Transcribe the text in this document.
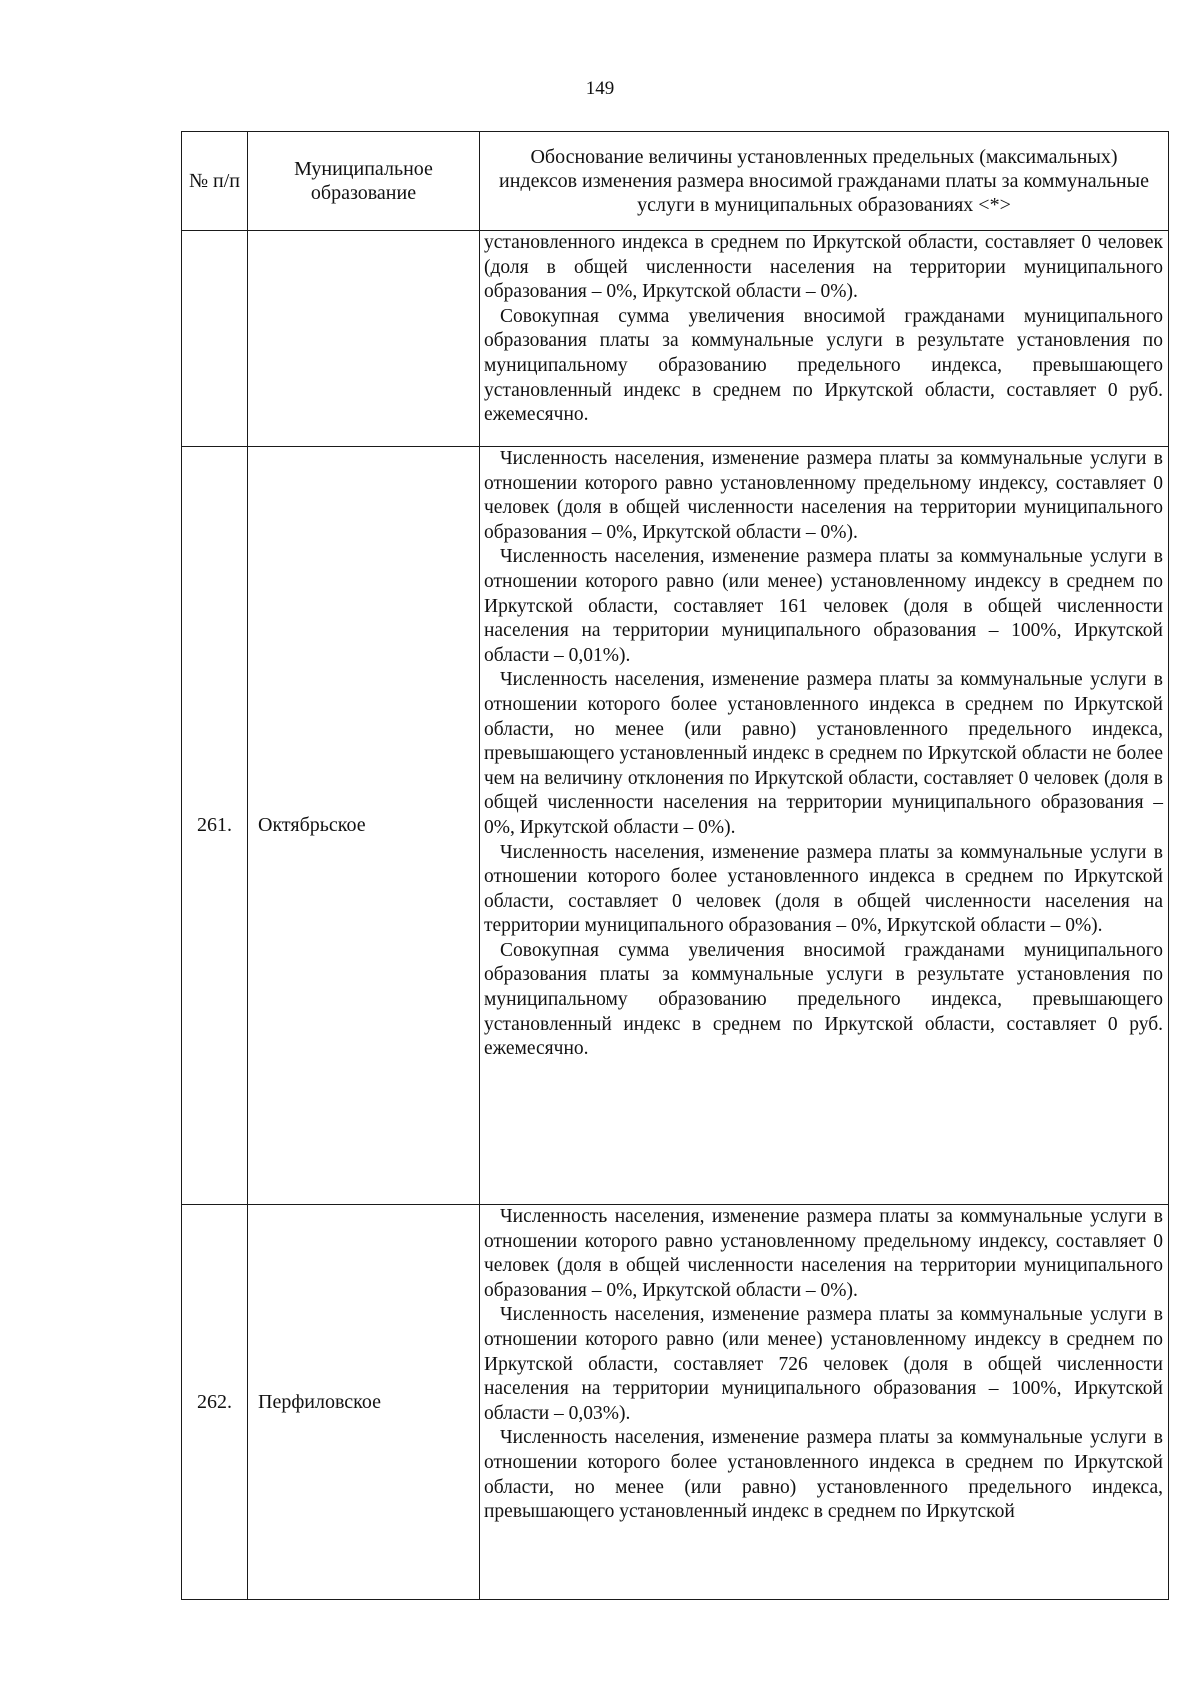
149
№ п/п	Муниципальное образование	Обоснование величины установленных предельных (максимальных) индексов изменения размера вносимой гражданами платы за коммунальные услуги в муниципальных образованиях <*>

		установленного индекса в среднем по Иркутской области, составляет 0 человек (доля в общей численности населения на территории муниципального образования – 0%, Иркутской области – 0%).

Совокупная сумма увеличения вносимой гражданами муниципального образования платы за коммунальные услуги в результате установления по муниципальному образованию предельного индекса, превышающего установленный индекс в среднем по Иркутской области, составляет 0 руб. ежемесячно.

261.	Октябрьское	Численность населения, изменение размера платы за коммунальные услуги в отношении которого равно установленному предельному индексу, составляет 0 человек (доля в общей численности населения на территории муниципального образования – 0%, Иркутской области – 0%).

Численность населения, изменение размера платы за коммунальные услуги в отношении которого равно (или менее) установленному индексу в среднем по Иркутской области, составляет 161 человек (доля в общей численности населения на территории муниципального образования – 100%, Иркутской области – 0,01%).

Численность населения, изменение размера платы за коммунальные услуги в отношении которого более установленного индекса в среднем по Иркутской области, но менее (или равно) установленного предельного индекса, превышающего установленный индекс в среднем по Иркутской области не более чем на величину отклонения по Иркутской области, составляет 0 человек (доля в общей численности населения на территории муниципального образования – 0%, Иркутской области – 0%).

Численность населения, изменение размера платы за коммунальные услуги в отношении которого более установленного индекса в среднем по Иркутской области, составляет 0 человек (доля в общей численности населения на территории муниципального образования – 0%, Иркутской области – 0%).

Совокупная сумма увеличения вносимой гражданами муниципального образования платы за коммунальные услуги в результате установления по муниципальному образованию предельного индекса, превышающего установленный индекс в среднем по Иркутской области, составляет 0 руб. ежемесячно.

262.	Перфиловское	Численность населения, изменение размера платы за коммунальные услуги в отношении которого равно установленному предельному индексу, составляет 0 человек (доля в общей численности населения на территории муниципального образования – 0%, Иркутской области – 0%).

Численность населения, изменение размера платы за коммунальные услуги в отношении которого равно (или менее) установленному индексу в среднем по Иркутской области, составляет 726 человек (доля в общей численности населения на территории муниципального образования – 100%, Иркутской области – 0,03%).

Численность населения, изменение размера платы за коммунальные услуги в отношении которого более установленного индекса в среднем по Иркутской области, но менее (или равно) установленного предельного индекса, превышающего установленный индекс в среднем по Иркутской
